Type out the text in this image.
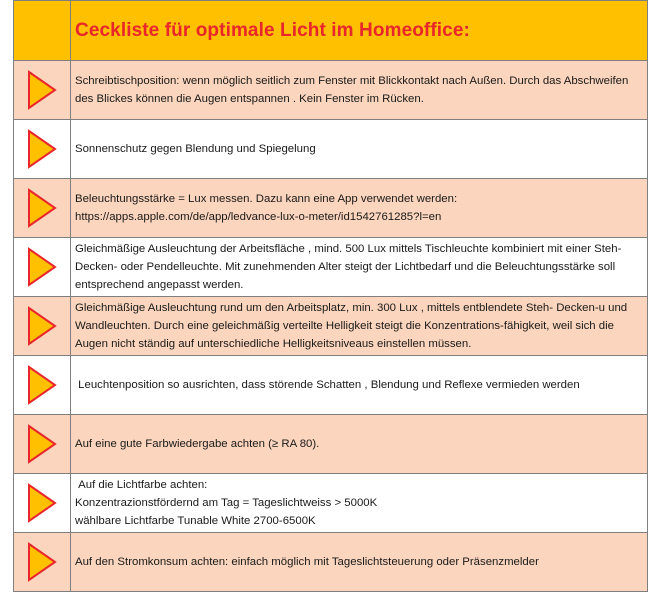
	Ceckliste für optimale Licht im Homeoffice:

Schreibtischposition: wenn möglich seitlich zum Fenster mit Blickkontakt nach Außen. Durch das Abschweifen
des Blickes können die Augen entspannen . Kein Fenster im Rücken.

Sonnenschutz gegen Blendung und Spiegelung

Beleuchtungsstärke = Lux messen. Dazu kann eine App verwendet werden:
https://apps.apple.com/de/app/ledvance-lux-o-meter/id1542761285?l=en

Gleichmäßige Ausleuchtung der Arbeitsfläche , mind. 500 Lux mittels Tischleuchte kombiniert mit einer Steh-
Decken- oder Pendelleuchte. Mit zunehmenden Alter steigt der Lichtbedarf und die Beleuchtungsstärke soll
entsprechend angepasst werden.

Gleichmäßige Ausleuchtung rund um den Arbeitsplatz, min. 300 Lux , mittels entblendete Steh- Decken-u und
Wandleuchten. Durch eine geleichmäßig verteilte Helligkeit steigt die Konzentrations-fähigkeit, weil sich die
Augen nicht ständig auf unterschiedliche Helligkeitsniveaus einstellen müssen.

Leuchtenposition so ausrichten, dass störende Schatten , Blendung und Reflexe vermieden werden

Auf eine gute Farbwiedergabe achten (≥ RA 80).

Auf die Lichtfarbe achten:
Konzentrazionstfördernd am Tag = Tageslichtweiss > 5000K
wählbare Lichtfarbe Tunable White 2700-6500K

Auf den Stromkonsum achten: einfach möglich mit Tageslichtsteuerung oder Präsenzmelder
